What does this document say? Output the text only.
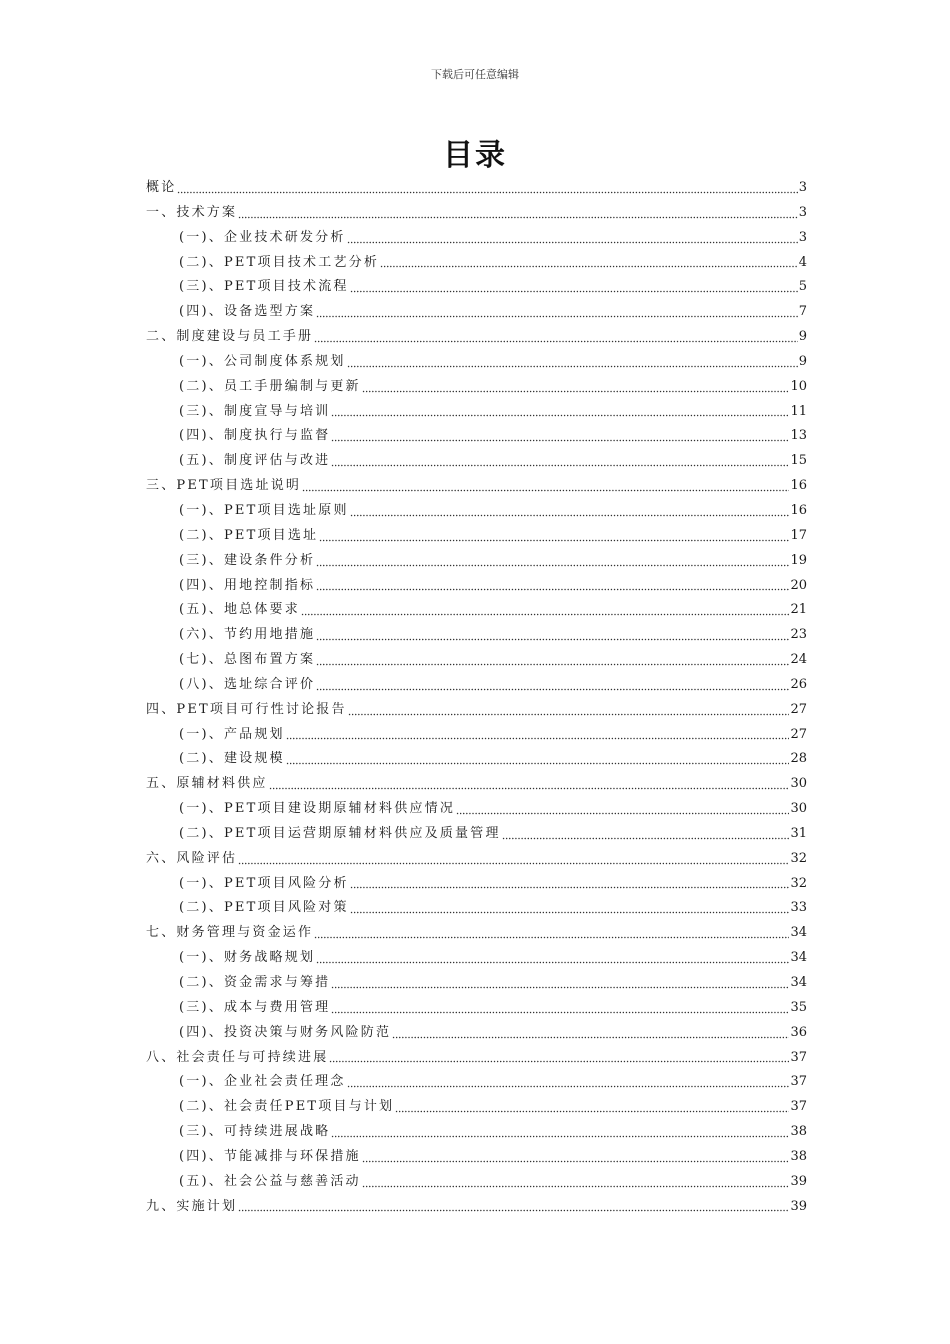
下载后可任意编辑
目录
概论	3
一、技术方案	3
(一)、企业技术研发分析	3
(二)、PET项目技术工艺分析	4
(三)、PET项目技术流程	5
(四)、设备选型方案	7
二、制度建设与员工手册	9
(一)、公司制度体系规划	9
(二)、员工手册编制与更新	10
(三)、制度宣导与培训	11
(四)、制度执行与监督	13
(五)、制度评估与改进	15
三、PET项目选址说明	16
(一)、PET项目选址原则	16
(二)、PET项目选址	17
(三)、建设条件分析	19
(四)、用地控制指标	20
(五)、地总体要求	21
(六)、节约用地措施	23
(七)、总图布置方案	24
(八)、选址综合评价	26
四、PET项目可行性讨论报告	27
(一)、产品规划	27
(二)、建设规模	28
五、原辅材料供应	30
(一)、PET项目建设期原辅材料供应情况	30
(二)、PET项目运营期原辅材料供应及质量管理	31
六、风险评估	32
(一)、PET项目风险分析	32
(二)、PET项目风险对策	33
七、财务管理与资金运作	34
(一)、财务战略规划	34
(二)、资金需求与筹措	34
(三)、成本与费用管理	35
(四)、投资决策与财务风险防范	36
八、社会责任与可持续进展	37
(一)、企业社会责任理念	37
(二)、社会责任PET项目与计划	37
(三)、可持续进展战略	38
(四)、节能减排与环保措施	38
(五)、社会公益与慈善活动	39
九、实施计划	39
